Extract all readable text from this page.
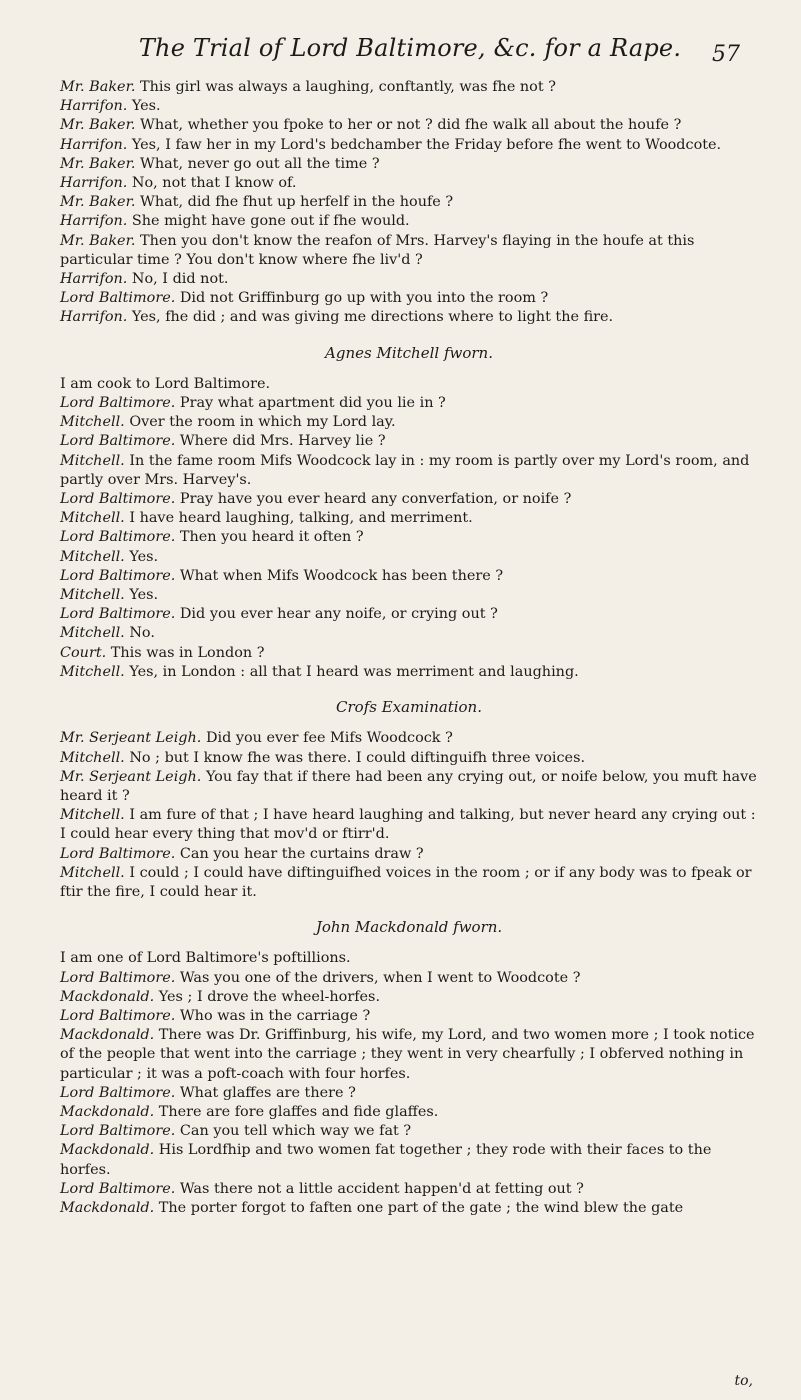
The Trial of Lord Baltimore, &c. for a Rape.	57

Mr. Baker. This girl was always a laughing, conftantly, was fhe not ?

Harrifon. Yes.

Mr. Baker. What, whether you fpoke to her or not ? did fhe walk all about the houfe ?

Harrifon. Yes, I faw her in my Lord's bedchamber the Friday before fhe went to Woodcote.

Mr. Baker. What, never go out all the time ?

Harrifon. No, not that I know of.

Mr. Baker. What, did fhe fhut up herfelf in the houfe ?

Harrifon. She might have gone out if fhe would.

Mr. Baker. Then you don't know the reafon of Mrs. Harvey's flaying in the houfe at this particular time ? You don't know where fhe liv'd ?

Harrifon. No, I did not.

Lord Baltimore. Did not Griffinburg go up with you into the room ?

Harrifon. Yes, fhe did ; and was giving me directions where to light the fire.

Agnes Mitchell fworn.

I am cook to Lord Baltimore.

Lord Baltimore. Pray what apartment did you lie in ?

Mitchell. Over the room in which my Lord lay.

Lord Baltimore. Where did Mrs. Harvey lie ?

Mitchell. In the fame room Mifs Woodcock lay in : my room is partly over my Lord's room, and partly over Mrs. Harvey's.

Lord Baltimore. Pray have you ever heard any converfation, or noife ?

Mitchell. I have heard laughing, talking, and merriment.

Lord Baltimore. Then you heard it often ?

Mitchell. Yes.

Lord Baltimore. What when Mifs Woodcock has been there ?

Mitchell. Yes.

Lord Baltimore. Did you ever hear any noife, or crying out ?

Mitchell. No.

Court. This was in London ?

Mitchell. Yes, in London : all that I heard was merriment and laughing.

Crofs Examination.

Mr. Serjeant Leigh. Did you ever fee Mifs Woodcock ?

Mitchell. No ; but I know fhe was there. I could diftinguifh three voices.

Mr. Serjeant Leigh. You fay that if there had been any crying out, or noife below, you muft have heard it ?

Mitchell. I am fure of that ; I have heard laughing and talking, but never heard any crying out : I could hear every thing that mov'd or ftirr'd.

Lord Baltimore. Can you hear the curtains draw ?

Mitchell. I could ; I could have diftinguifhed voices in the room ; or if any body was to fpeak or ftir the fire, I could hear it.

John Mackdonald fworn.

I am one of Lord Baltimore's poftillions.

Lord Baltimore. Was you one of the drivers, when I went to Woodcote ?

Mackdonald. Yes ; I drove the wheel-horfes.

Lord Baltimore. Who was in the carriage ?

Mackdonald. There was Dr. Griffinburg, his wife, my Lord, and two women more ; I took notice of the people that went into the carriage ; they went in very chearfully ; I obferved nothing in particular ; it was a poft-coach with four horfes.

Lord Baltimore. What glaffes are there ?

Mackdonald. There are fore glaffes and fide glaffes.

Lord Baltimore. Can you tell which way we fat ?

Mackdonald. His Lordfhip and two women fat together ; they rode with their faces to the horfes.

Lord Baltimore. Was there not a little accident happen'd at fetting out ?

Mackdonald. The porter forgot to faften one part of the gate ; the wind blew the gate

to,
